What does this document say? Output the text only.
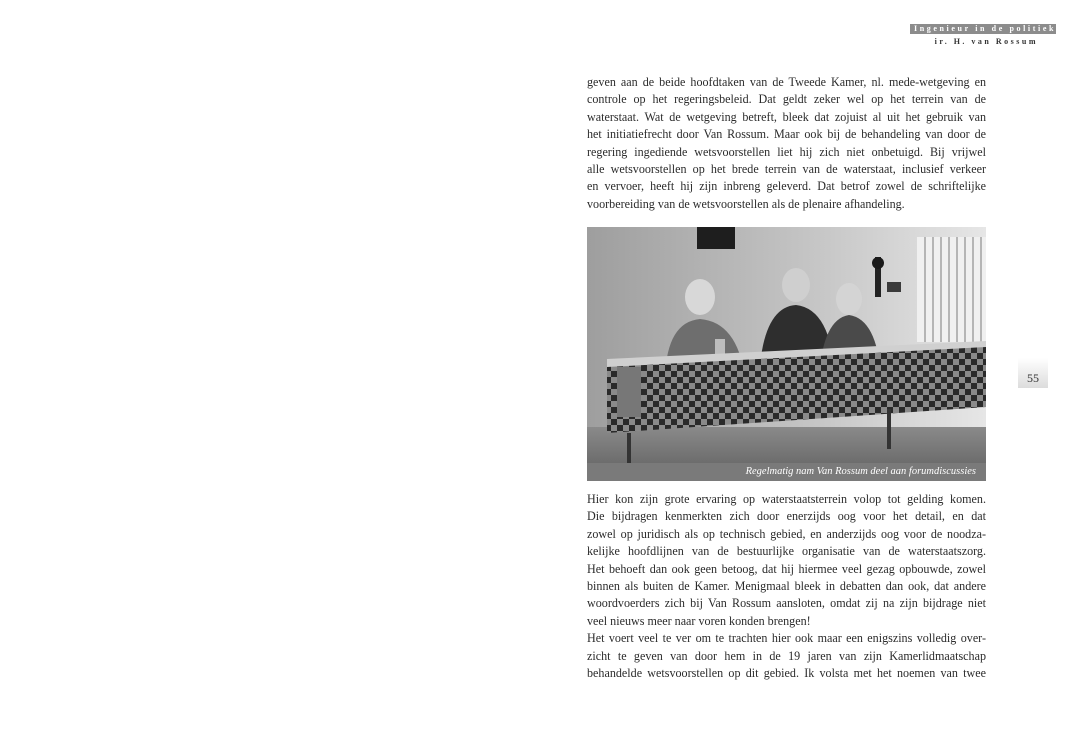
Ingenieur in de politiek
ir. H. van Rossum
geven aan de beide hoofdtaken van de Tweede Kamer, nl. mede-wetgeving en
controle op het regeringsbeleid. Dat geldt zeker wel op het terrein van de
waterstaat. Wat de wetgeving betreft, bleek dat zojuist al uit het gebruik van
het initiatiefrecht door Van Rossum. Maar ook bij de behandeling van door de
regering ingediende wetsvoorstellen liet hij zich niet onbetuigd. Bij vrijwel
alle wetsvoorstellen op het brede terrein van de waterstaat, inclusief verkeer
en vervoer, heeft hij zijn inbreng geleverd. Dat betrof zowel de schriftelijke
voorbereiding van de wetsvoorstellen als de plenaire afhandeling.
Regelmatig nam Van Rossum deel aan forumdiscussies
Hier kon zijn grote ervaring op waterstaatsterrein volop tot gelding komen.
Die bijdragen kenmerkten zich door enerzijds oog voor het detail, en dat
zowel op juridisch als op technisch gebied, en anderzijds oog voor de noodza-
kelijke hoofdlijnen van de bestuurlijke organisatie van de waterstaatszorg.
Het behoeft dan ook geen betoog, dat hij hiermee veel gezag opbouwde, zowel
binnen als buiten de Kamer. Menigmaal bleek in debatten dan ook, dat andere
woordvoerders zich bij Van Rossum aansloten, omdat zij na zijn bijdrage niet
veel nieuws meer naar voren konden brengen!
Het voert veel te ver om te trachten hier ook maar een enigszins volledig over-
zicht te geven van door hem in de 19 jaren van zijn Kamerlidmaatschap
behandelde wetsvoorstellen op dit gebied. Ik volsta met het noemen van twee
55
